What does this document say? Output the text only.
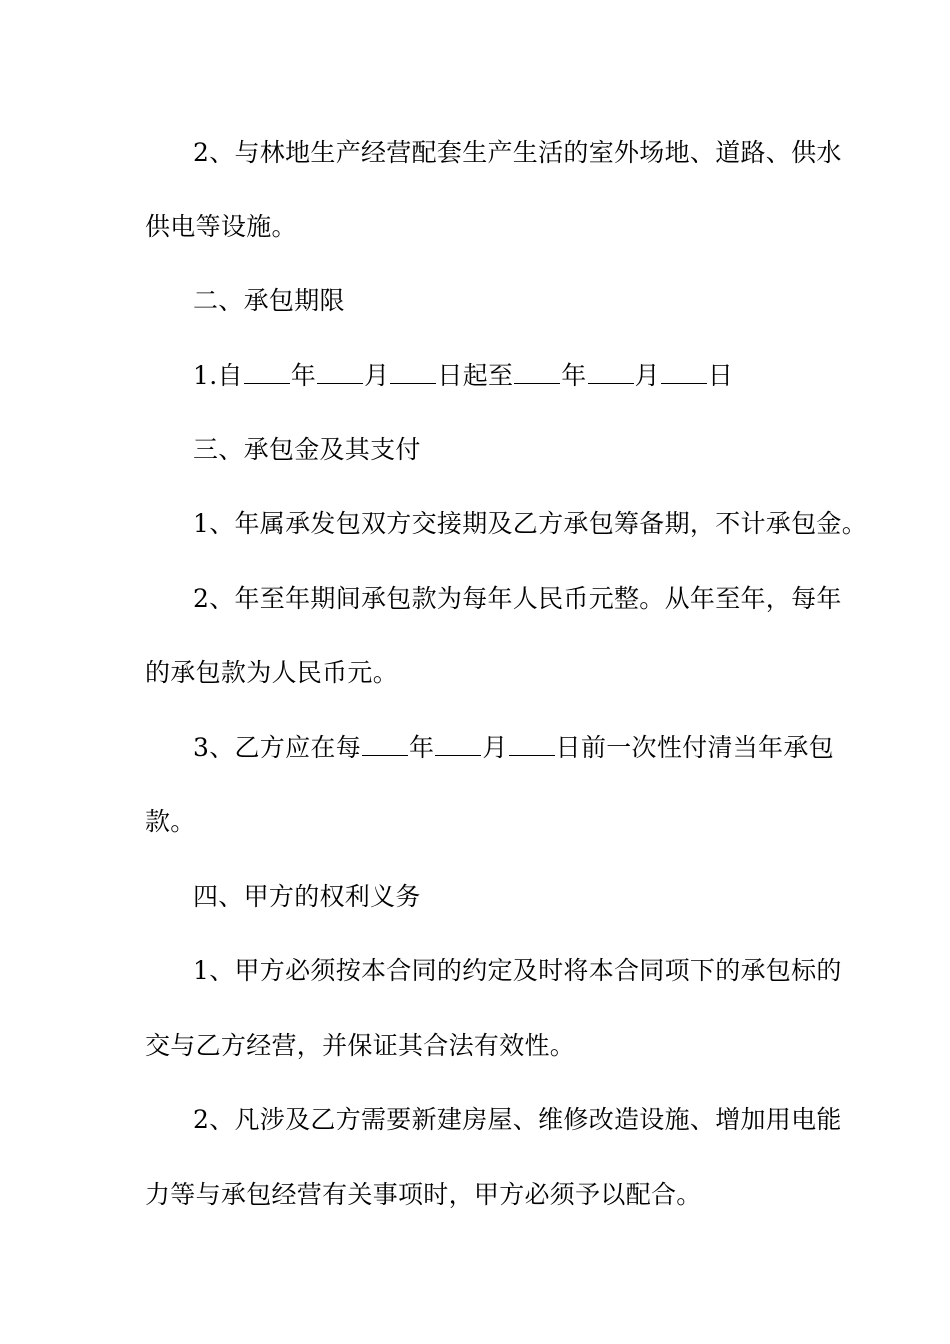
2、与林地生产经营配套生产生活的室外场地、道路、供水
供电等设施。
二、承包期限
1.自 年 月 日起至 年 月 日
三、承包金及其支付
1、年属承发包双方交接期及乙方承包筹备期，不计承包金。
2、年至年期间承包款为每年人民币元整。从年至年，每年
的承包款为人民币元。
3、乙方应在每 年 月 日前一次性付清当年承包
款。
四、甲方的权利义务
1、甲方必须按本合同的约定及时将本合同项下的承包标的
交与乙方经营，并保证其合法有效性。
2、凡涉及乙方需要新建房屋、维修改造设施、增加用电能
力等与承包经营有关事项时，甲方必须予以配合。
